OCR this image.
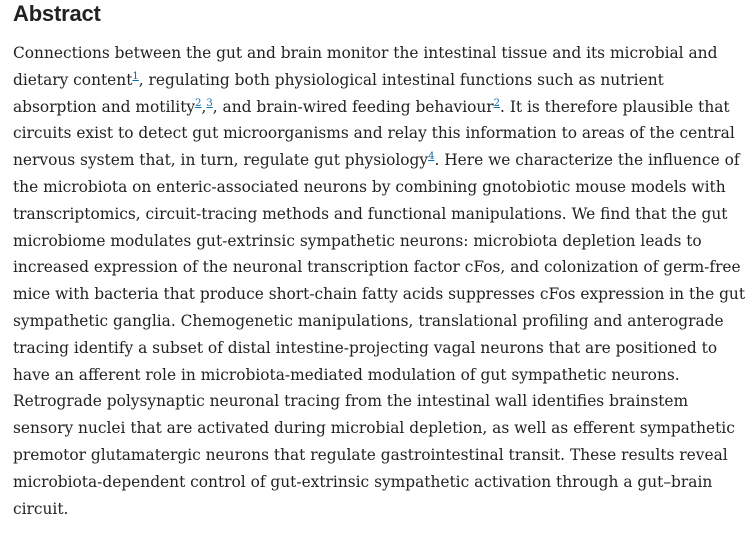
Abstract
Connections between the gut and brain monitor the intestinal tissue and its microbial and
dietary content$^1$, regulating both physiological intestinal functions such as nutrient
absorption and motility$^2$,$^3$, and brain-wired feeding behaviour$^2$. It is therefore plausible that
circuits exist to detect gut microorganisms and relay this information to areas of the central
nervous system that, in turn, regulate gut physiology$^4$. Here we characterize the influence of
the microbiota on enteric-associated neurons by combining gnotobiotic mouse models with
transcriptomics, circuit-tracing methods and functional manipulations. We find that the gut
microbiome modulates gut-extrinsic sympathetic neurons: microbiota depletion leads to
increased expression of the neuronal transcription factor cFos, and colonization of germ-free
mice with bacteria that produce short-chain fatty acids suppresses cFos expression in the gut
sympathetic ganglia. Chemogenetic manipulations, translational profiling and anterograde
tracing identify a subset of distal intestine-projecting vagal neurons that are positioned to
have an afferent role in microbiota-mediated modulation of gut sympathetic neurons.
Retrograde polysynaptic neuronal tracing from the intestinal wall identifies brainstem
sensory nuclei that are activated during microbial depletion, as well as efferent sympathetic
premotor glutamatergic neurons that regulate gastrointestinal transit. These results reveal
microbiota-dependent control of gut-extrinsic sympathetic activation through a gut–brain
circuit.
